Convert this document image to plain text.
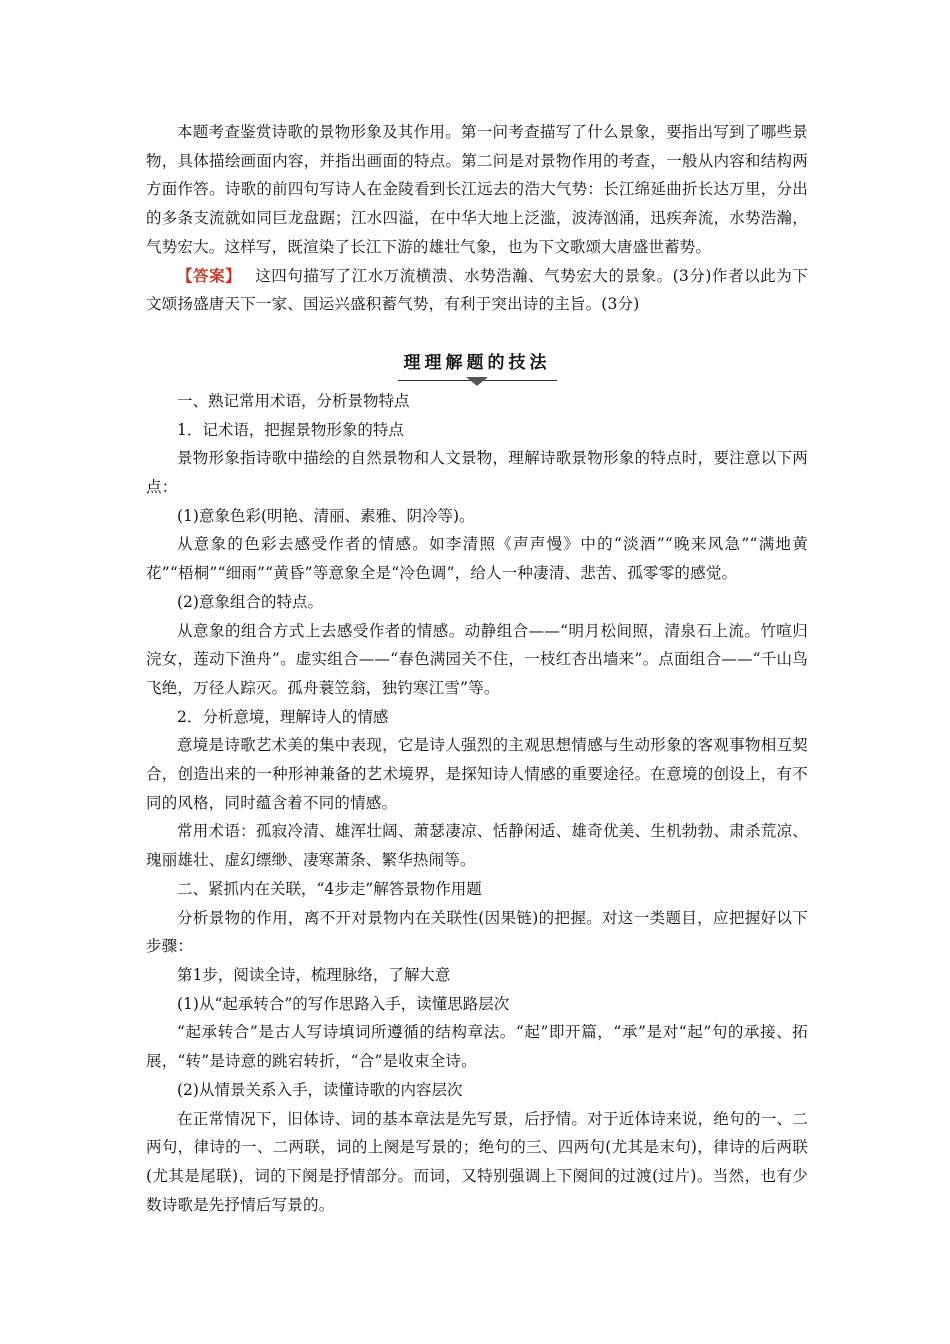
本题考查鉴赏诗歌的景物形象及其作用。第一问考查描写了什么景象，要指出写到了哪些景物，具体描绘画面内容，并指出画面的特点。第二问是对景物作用的考查，一般从内容和结构两方面作答。诗歌的前四句写诗人在金陵看到长江远去的浩大气势：长江绵延曲折长达万里，分出的多条支流就如同巨龙盘踞；江水四溢，在中华大地上泛滥，波涛汹涌，迅疾奔流，水势浩瀚，气势宏大。这样写，既渲染了长江下游的雄壮气象，也为下文歌颂大唐盛世蓄势。

【答案】 这四句描写了江水万流横溃、水势浩瀚、气势宏大的景象。(3分)作者以此为下文颂扬盛唐天下一家、国运兴盛积蓄气势，有利于突出诗的主旨。(3分)

理理解题的技法

一、熟记常用术语，分析景物特点

1．记术语，把握景物形象的特点

景物形象指诗歌中描绘的自然景物和人文景物，理解诗歌景物形象的特点时，要注意以下两点：

(1)意象色彩(明艳、清丽、素雅、阴冷等)。

从意象的色彩去感受作者的情感。如李清照《声声慢》中的“淡酒”“晚来风急”“满地黄花”“梧桐”“细雨”“黄昏”等意象全是“冷色调”，给人一种凄清、悲苦、孤零零的感觉。

(2)意象组合的特点。

从意象的组合方式上去感受作者的情感。动静组合——“明月松间照，清泉石上流。竹喧归浣女，莲动下渔舟”。虚实组合——“春色满园关不住，一枝红杏出墙来”。点面组合——“千山鸟飞绝，万径人踪灭。孤舟蓑笠翁，独钓寒江雪”等。

2．分析意境，理解诗人的情感

意境是诗歌艺术美的集中表现，它是诗人强烈的主观思想情感与生动形象的客观事物相互契合，创造出来的一种形神兼备的艺术境界，是探知诗人情感的重要途径。在意境的创设上，有不同的风格，同时蕴含着不同的情感。

常用术语：孤寂冷清、雄浑壮阔、萧瑟凄凉、恬静闲适、雄奇优美、生机勃勃、肃杀荒凉、瑰丽雄壮、虚幻缥缈、凄寒萧条、繁华热闹等。

二、紧抓内在关联，“4步走”解答景物作用题

分析景物的作用，离不开对景物内在关联性(因果链)的把握。对这一类题目，应把握好以下步骤：

第1步，阅读全诗，梳理脉络，了解大意

(1)从“起承转合”的写作思路入手，读懂思路层次

“起承转合”是古人写诗填词所遵循的结构章法。“起”即开篇，“承”是对“起”句的承接、拓展，“转”是诗意的跳宕转折，“合”是收束全诗。

(2)从情景关系入手，读懂诗歌的内容层次

在正常情况下，旧体诗、词的基本章法是先写景，后抒情。对于近体诗来说，绝句的一、二两句，律诗的一、二两联，词的上阕是写景的；绝句的三、四两句(尤其是末句)，律诗的后两联(尤其是尾联)，词的下阕是抒情部分。而词，又特别强调上下阕间的过渡(过片)。当然，也有少数诗歌是先抒情后写景的。
